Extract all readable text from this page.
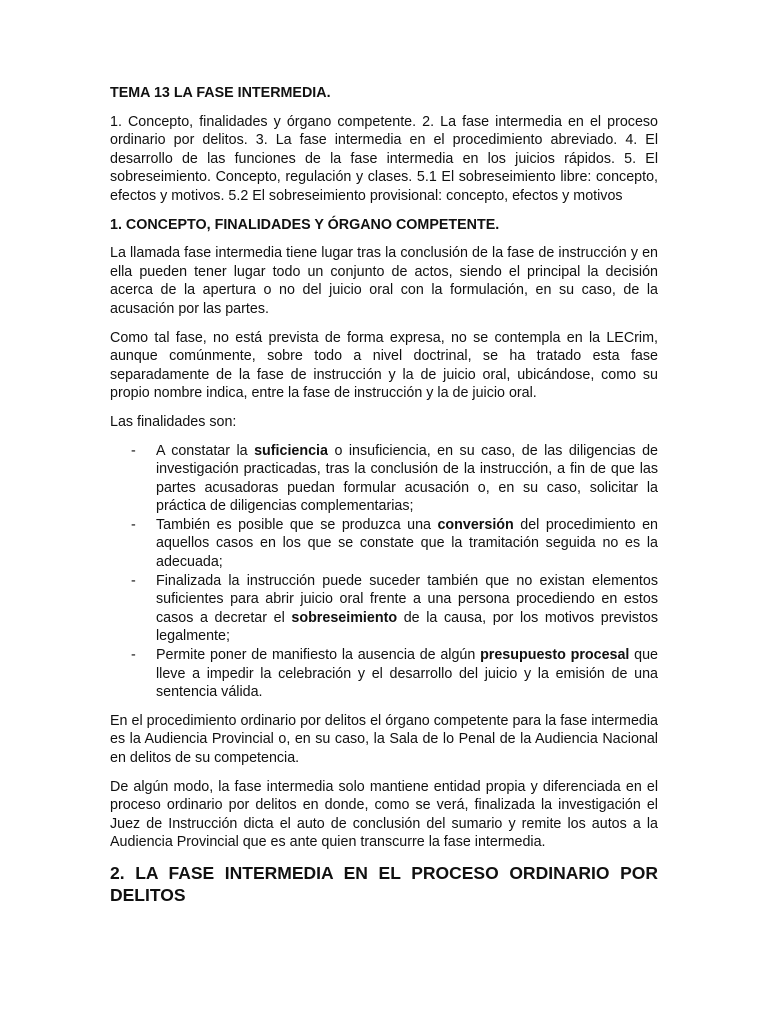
TEMA 13 LA FASE INTERMEDIA.

1. Concepto, finalidades y órgano competente. 2. La fase intermedia en el proceso ordinario por delitos. 3. La fase intermedia en el procedimiento abreviado. 4. El desarrollo de las funciones de la fase intermedia en los juicios rápidos. 5. El sobreseimiento. Concepto, regulación y clases. 5.1 El sobreseimiento libre: concepto, efectos y motivos. 5.2 El sobreseimiento provisional: concepto, efectos y motivos

1. CONCEPTO, FINALIDADES Y ÓRGANO COMPETENTE.

La llamada fase intermedia tiene lugar tras la conclusión de la fase de instrucción y en ella pueden tener lugar todo un conjunto de actos, siendo el principal la decisión acerca de la apertura o no del juicio oral con la formulación, en su caso, de la acusación por las partes.

Como tal fase, no está prevista de forma expresa, no se contempla en la LECrim, aunque comúnmente, sobre todo a nivel doctrinal, se ha tratado esta fase separadamente de la fase de instrucción y la de juicio oral, ubicándose, como su propio nombre indica, entre la fase de instrucción y la de juicio oral.

Las finalidades son:

- A constatar la suficiencia o insuficiencia, en su caso, de las diligencias de investigación practicadas, tras la conclusión de la instrucción, a fin de que las partes acusadoras puedan formular acusación o, en su caso, solicitar la práctica de diligencias complementarias;
- También es posible que se produzca una conversión del procedimiento en aquellos casos en los que se constate que la tramitación seguida no es la adecuada;
- Finalizada la instrucción puede suceder también que no existan elementos suficientes para abrir juicio oral frente a una persona procediendo en estos casos a decretar el sobreseimiento de la causa, por los motivos previstos legalmente;
- Permite poner de manifiesto la ausencia de algún presupuesto procesal que lleve a impedir la celebración y el desarrollo del juicio y la emisión de una sentencia válida.

En el procedimiento ordinario por delitos el órgano competente para la fase intermedia es la Audiencia Provincial o, en su caso, la Sala de lo Penal de la Audiencia Nacional en delitos de su competencia.

De algún modo, la fase intermedia solo mantiene entidad propia y diferenciada en el proceso ordinario por delitos en donde, como se verá, finalizada la investigación el Juez de Instrucción dicta el auto de conclusión del sumario y remite los autos a la Audiencia Provincial que es ante quien transcurre la fase intermedia.

2. LA FASE INTERMEDIA EN EL PROCESO ORDINARIO POR DELITOS
